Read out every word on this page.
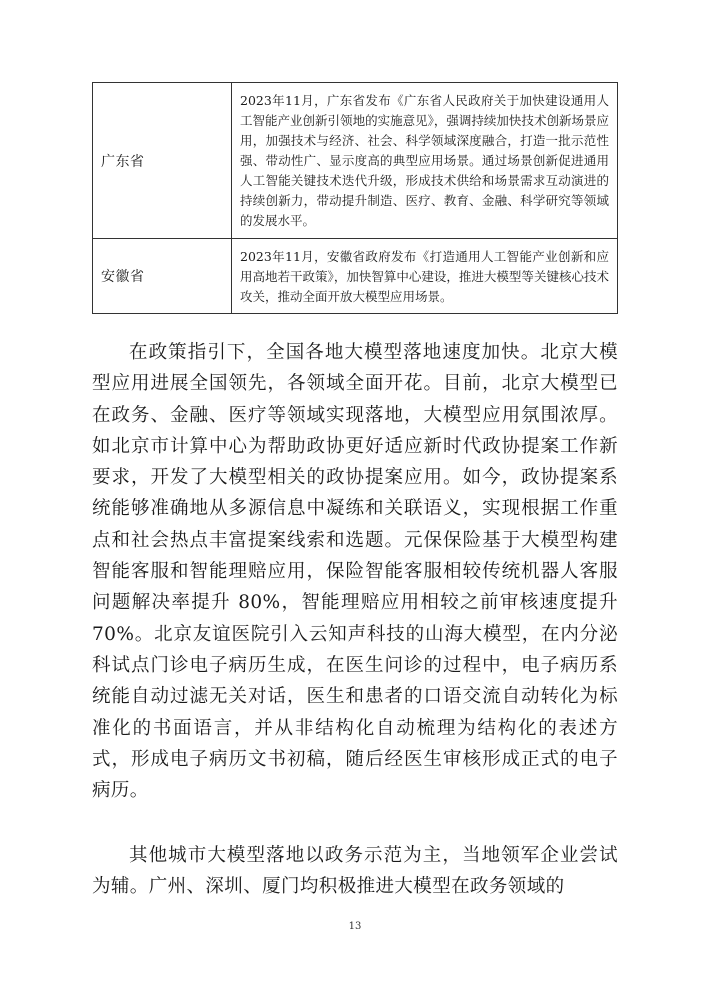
广东省	2023年11月，广东省发布《广东省人民政府关于加快建设通用人工智能产业创新引领地的实施意见》，强调持续加快技术创新场景应用，加强技术与经济、社会、科学领域深度融合，打造一批示范性强、带动性广、显示度高的典型应用场景。通过场景创新促进通用人工智能关键技术迭代升级，形成技术供给和场景需求互动演进的持续创新力，带动提升制造、医疗、教育、金融、科学研究等领域的发展水平。
安徽省	2023年11月，安徽省政府发布《打造通用人工智能产业创新和应用高地若干政策》，加快智算中心建设，推进大模型等关键核心技术攻关，推动全面开放大模型应用场景。

在政策指引下，全国各地大模型落地速度加快。北京大模型应用进展全国领先，各领域全面开花。目前，北京大模型已在政务、金融、医疗等领域实现落地，大模型应用氛围浓厚。如北京市计算中心为帮助政协更好适应新时代政协提案工作新要求，开发了大模型相关的政协提案应用。如今，政协提案系统能够准确地从多源信息中凝练和关联语义，实现根据工作重点和社会热点丰富提案线索和选题。元保保险基于大模型构建智能客服和智能理赔应用，保险智能客服相较传统机器人客服问题解决率提升 80%，智能理赔应用相较之前审核速度提升 70%。北京友谊医院引入云知声科技的山海大模型，在内分泌科试点门诊电子病历生成，在医生问诊的过程中，电子病历系统能自动过滤无关对话，医生和患者的口语交流自动转化为标准化的书面语言，并从非结构化自动梳理为结构化的表述方式，形成电子病历文书初稿，随后经医生审核形成正式的电子病历。

其他城市大模型落地以政务示范为主，当地领军企业尝试为辅。广州、深圳、厦门均积极推进大模型在政务领域的

13
